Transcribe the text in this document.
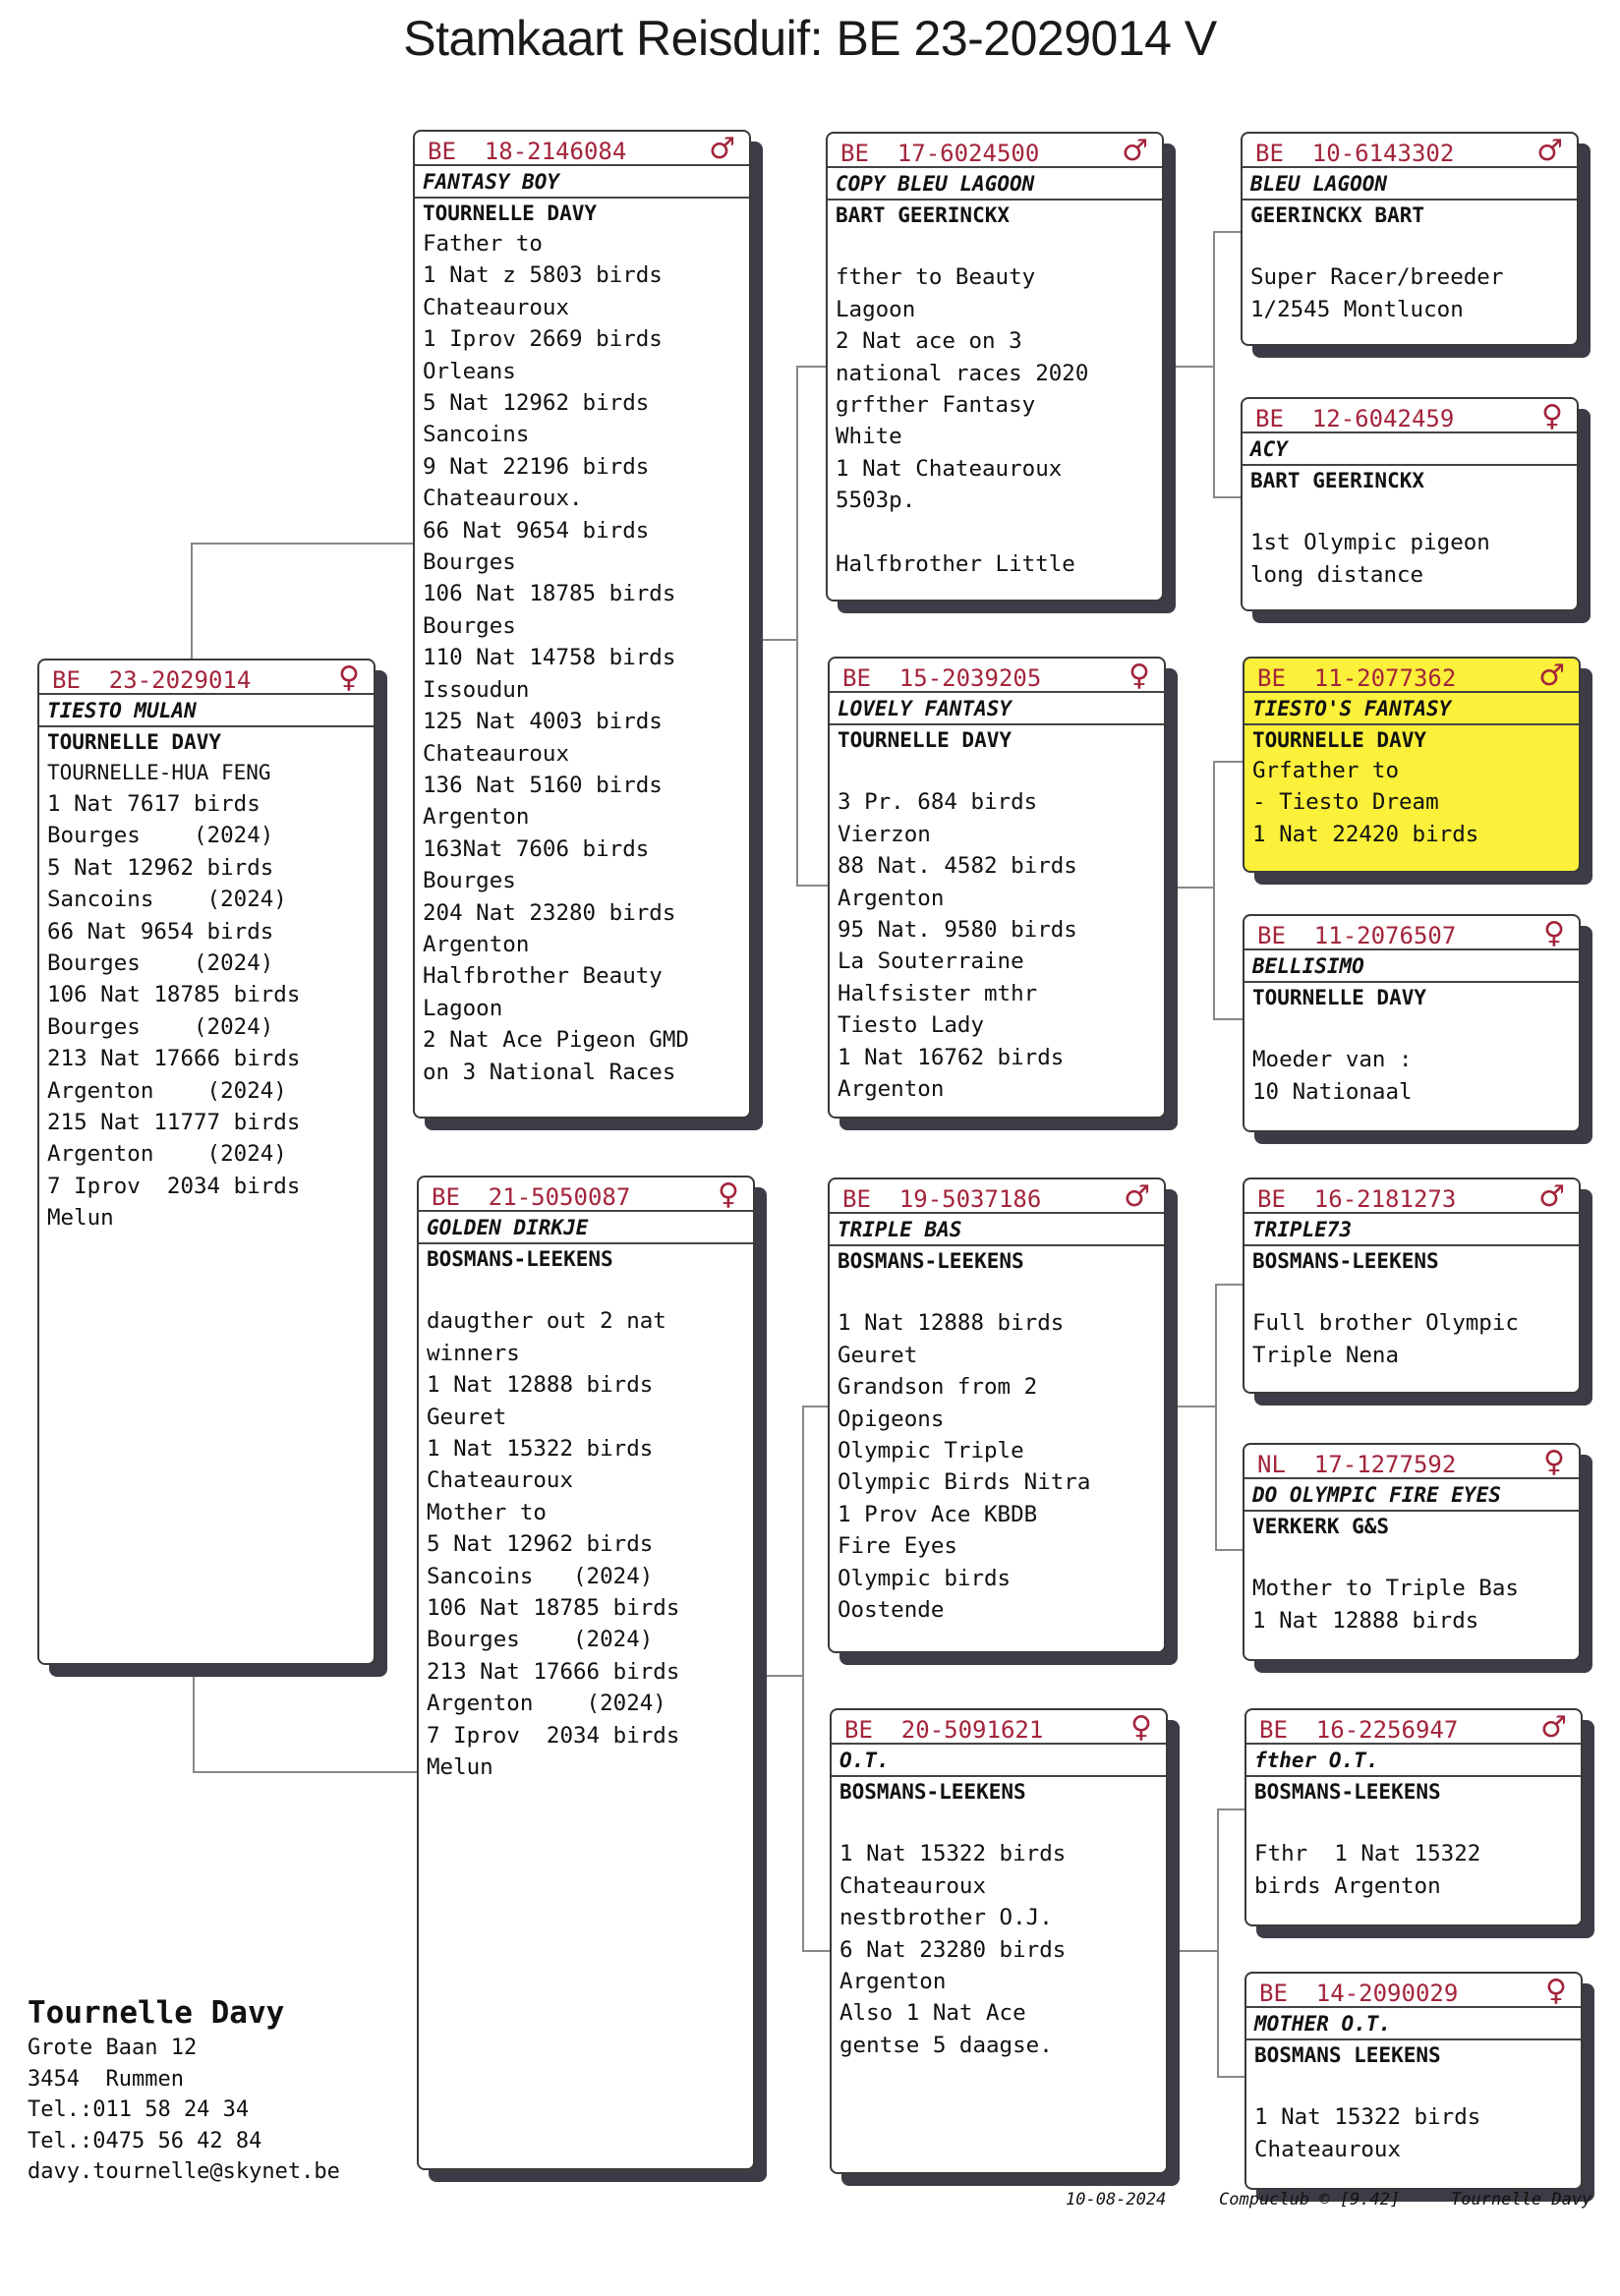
Stamkaart Reisduif: BE 23-2029014 V
BE  23-2029014	♀
TIESTO MULAN
TOURNELLE DAVY
TOURNELLE-HUA FENG
1 Nat 7617 birds
Bourges    (2024)
5 Nat 12962 birds
Sancoins    (2024)
66 Nat 9654 birds
Bourges    (2024)
106 Nat 18785 birds
Bourges    (2024)
213 Nat 17666 birds
Argenton    (2024)
215 Nat 11777 birds
Argenton    (2024)
7 Iprov  2034 birds
Melun
BE  18-2146084	♂
FANTASY BOY
TOURNELLE DAVY
Father to
1 Nat z 5803 birds
Chateauroux
1 Iprov 2669 birds
Orleans
5 Nat 12962 birds
Sancoins
9 Nat 22196 birds
Chateauroux.
66 Nat 9654 birds
Bourges
106 Nat 18785 birds
Bourges
110 Nat 14758 birds
Issoudun
125 Nat 4003 birds
Chateauroux
136 Nat 5160 birds
Argenton
163Nat 7606 birds
Bourges
204 Nat 23280 birds
Argenton
Halfbrother Beauty
Lagoon
2 Nat Ace Pigeon GMD
on 3 National Races
BE  21-5050087	♀
GOLDEN DIRKJE
BOSMANS-LEEKENS

daugther out 2 nat
winners
1 Nat 12888 birds
Geuret
1 Nat 15322 birds
Chateauroux
Mother to
5 Nat 12962 birds
Sancoins   (2024)
106 Nat 18785 birds
Bourges    (2024)
213 Nat 17666 birds
Argenton    (2024)
7 Iprov  2034 birds
Melun
BE  17-6024500	♂
COPY BLEU LAGOON
BART GEERINCKX

fther to Beauty
Lagoon
2 Nat ace on 3
national races 2020
grfther Fantasy
White
1 Nat Chateauroux
5503p.

Halfbrother Little
BE  15-2039205	♀
LOVELY FANTASY
TOURNELLE DAVY

3 Pr. 684 birds
Vierzon
88 Nat. 4582 birds
Argenton
95 Nat. 9580 birds
La Souterraine
Halfsister mthr
Tiesto Lady
1 Nat 16762 birds
Argenton
BE  19-5037186	♂
TRIPLE BAS
BOSMANS-LEEKENS

1 Nat 12888 birds
Geuret
Grandson from 2
Opigeons
Olympic Triple
Olympic Birds Nitra
1 Prov Ace KBDB
Fire Eyes
Olympic birds
Oostende
BE  20-5091621	♀
O.T.
BOSMANS-LEEKENS

1 Nat 15322 birds
Chateauroux
nestbrother O.J.
6 Nat 23280 birds
Argenton
Also 1 Nat Ace
gentse 5 daagse.
BE  10-6143302	♂
BLEU LAGOON
GEERINCKX BART

Super Racer/breeder
1/2545 Montlucon
BE  12-6042459	♀
ACY
BART GEERINCKX

1st Olympic pigeon
long distance
BE  11-2077362	♂
TIESTO'S FANTASY
TOURNELLE DAVY
Grfather to
- Tiesto Dream
1 Nat 22420 birds
BE  11-2076507	♀
BELLISIMO
TOURNELLE DAVY

Moeder van :
10 Nationaal
BE  16-2181273	♂
TRIPLE73
BOSMANS-LEEKENS

Full brother Olympic
Triple Nena
NL  17-1277592	♀
DO OLYMPIC FIRE EYES
VERKERK G&S

Mother to Triple Bas
1 Nat 12888 birds
BE  16-2256947	♂
fther O.T.
BOSMANS-LEEKENS

Fthr  1 Nat 15322
birds Argenton
BE  14-2090029	♀
MOTHER O.T.
BOSMANS LEEKENS

1 Nat 15322 birds
Chateauroux
Tournelle Davy
Grote Baan 12
3454  Rummen
Tel.:011 58 24 34
Tel.:0475 56 42 84
davy.tournelle@skynet.be
10-08-2024	Compuclub © [9.42]	Tournelle Davy
